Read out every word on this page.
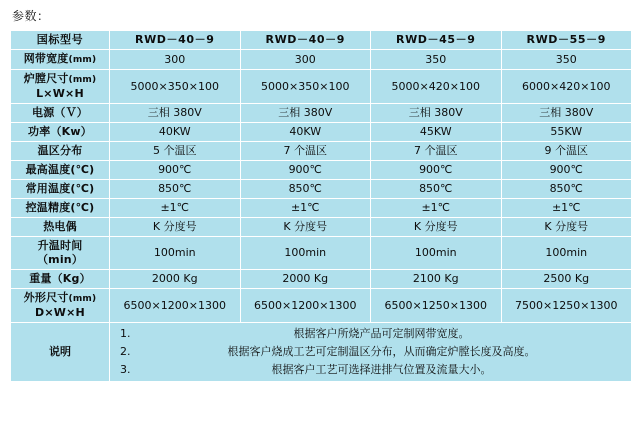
参数：
国标型号	RWD－40－9	RWD－40－9	RWD－45－9	RWD－55－9
网带宽度(mm)	300	300	350	350
炉膛尺寸(mm)
L×W×H	5000×350×100	5000×350×100	5000×420×100	6000×420×100
电源（Ｖ）	三相 380V	三相 380V	三相 380V	三相 380V
功率（Kw）	40KW	40KW	45KW	55KW
温区分布	5 个温区	7 个温区	7 个温区	9 个温区
最高温度(℃)	900℃	900℃	900℃	900℃
常用温度(℃)	850℃	850℃	850℃	850℃
控温精度(℃)	±1℃	±1℃	±1℃	±1℃
热电偶	K 分度号	K 分度号	K 分度号	K 分度号
升温时间
（min）	100min	100min	100min	100min
重量（Kg）	2000 Kg	2000 Kg	2100 Kg	2500 Kg
外形尺寸(mm)
D×W×H	6500×1200×1300	6500×1200×1300	6500×1250×1300	7500×1250×1300
说明	
1. 根据客户所烧产品可定制网带宽度。
2. 根据客户烧成工艺可定制温区分布，从而确定炉膛长度及高度。
3. 根据客户工艺可选择进排气位置及流量大小。
